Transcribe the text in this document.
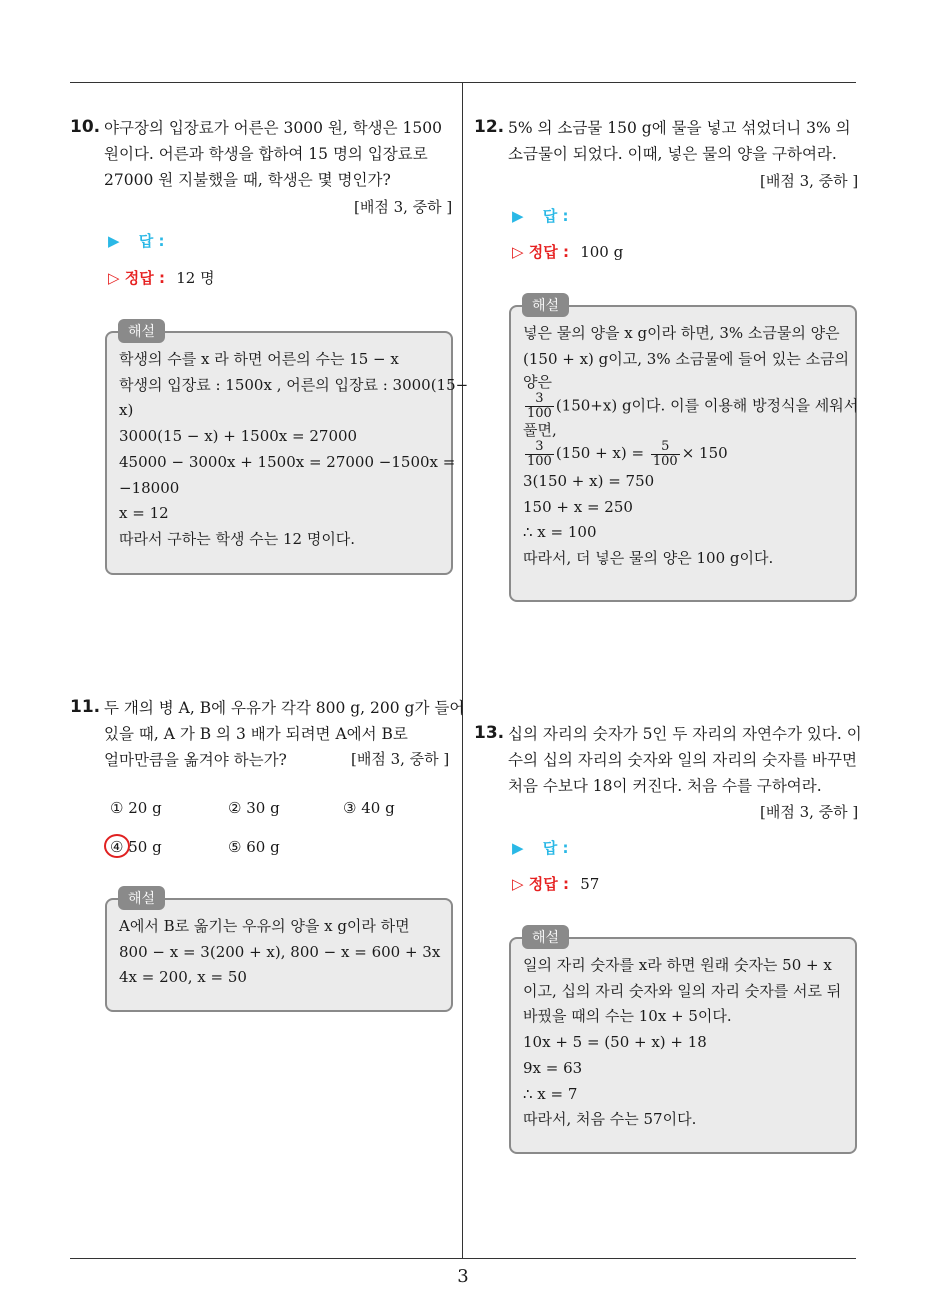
10. 야구장의 입장료가 어른은 3000 원, 학생은 1500
원이다. 어른과 학생을 합하여 15 명의 입장료로
27000 원 지불했을 때, 학생은 몇 명인가?
[배점 3, 중하 ]
▶ 답 :
▷ 정답 : 12 명
학생의 수를 x 라 하면 어른의 수는 15 − x
학생의 입장료 : 1500x , 어른의 입장료 : 3000(15−
x)
3000(15 − x) + 1500x = 27000
45000 − 3000x + 1500x = 27000 −1500x =
−18000
x = 12
따라서 구하는 학생 수는 12 명이다.
해설
11. 두 개의 병 A, B에 우유가 각각 800 g, 200 g가 들어
있을 때, A 가 B 의 3 배가 되려면 A에서 B로
얼마만큼을 옮겨야 하는가?	[배점 3, 중하 ]
① 20 g	② 30 g	③ 40 g
④ 50 g	⑤ 60 g
A에서 B로 옮기는 우유의 양을 x g이라 하면
800 − x = 3(200 + x), 800 − x = 600 + 3x
4x = 200, x = 50
해설
12. 5% 의 소금물 150 g에 물을 넣고 섞었더니 3% 의
소금물이 되었다. 이때, 넣은 물의 양을 구하여라.
[배점 3, 중하 ]
▶ 답 :
▷ 정답 : 100 g
넣은 물의 양을 x g이라 하면, 3% 소금물의 양은
(150 + x) g이고, 3% 소금물에 들어 있는 소금의
양은
$\frac{3}{100} (150+x)$ g이다. 이를 이용해 방정식을 세워서
풀면,
$\frac{3}{100} (150 + x) = \frac{5}{100} \times 150$
3(150 + x) = 750
150 + x = 250
∴ x = 100
따라서, 더 넣은 물의 양은 100 g이다.
해설
13. 십의 자리의 숫자가 5인 두 자리의 자연수가 있다. 이
수의 십의 자리의 숫자와 일의 자리의 숫자를 바꾸면
처음 수보다 18이 커진다. 처음 수를 구하여라.
[배점 3, 중하 ]
▶ 답 :
▷ 정답 : 57
일의 자리 숫자를 x라 하면 원래 숫자는 50 + x
이고, 십의 자리 숫자와 일의 자리 숫자를 서로 뒤
바꿨을 때의 수는 10x + 5이다.
10x + 5 = (50 + x) + 18
9x = 63
∴ x = 7
따라서, 처음 수는 57이다.
해설
3
